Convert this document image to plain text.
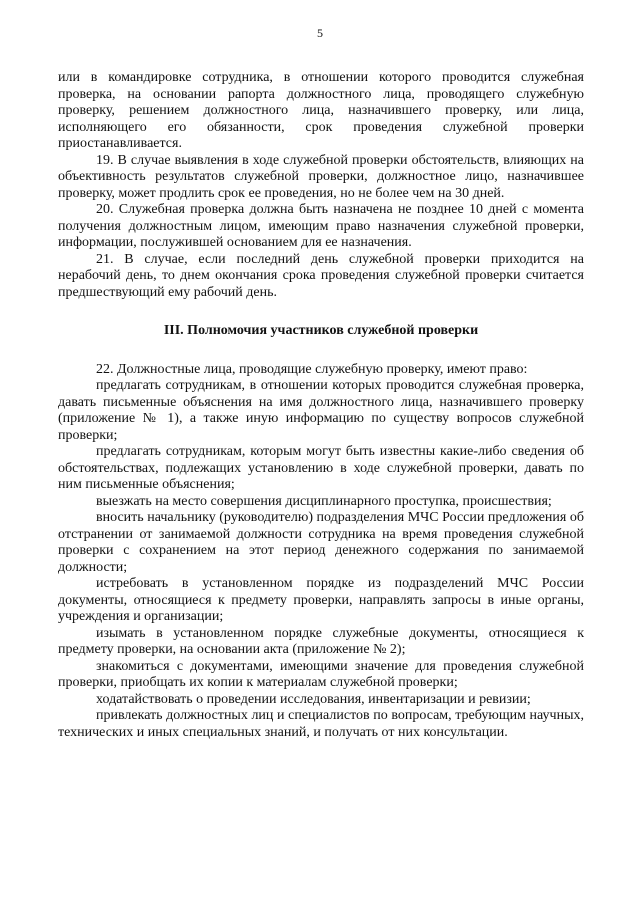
5

или в командировке сотрудника, в отношении которого проводится служебная проверка, на основании рапорта должностного лица, проводящего служебную проверку, решением должностного лица, назначившего проверку, или лица, исполняющего его обязанности, срок проведения служебной проверки приостанавливается.

19. В случае выявления в ходе служебной проверки обстоятельств, влияющих на объективность результатов служебной проверки, должностное лицо, назначившее проверку, может продлить срок ее проведения, но не более чем на 30 дней.

20. Служебная проверка должна быть назначена не позднее 10 дней с момента получения должностным лицом, имеющим право назначения служебной проверки, информации, послужившей основанием для ее назначения.

21. В случае, если последний день служебной проверки приходится на нерабочий день, то днем окончания срока проведения служебной проверки считается предшествующий ему рабочий день.

III. Полномочия участников служебной проверки

22. Должностные лица, проводящие служебную проверку, имеют право:

предлагать сотрудникам, в отношении которых проводится служебная проверка, давать письменные объяснения на имя должностного лица, назначившего проверку (приложение № 1), а также иную информацию по существу вопросов служебной проверки;

предлагать сотрудникам, которым могут быть известны какие-либо сведения об обстоятельствах, подлежащих установлению в ходе служебной проверки, давать по ним письменные объяснения;

выезжать на место совершения дисциплинарного проступка, происшествия;

вносить начальнику (руководителю) подразделения МЧС России предложения об отстранении от занимаемой должности сотрудника на время проведения служебной проверки с сохранением на этот период денежного содержания по занимаемой должности;

истребовать в установленном порядке из подразделений МЧС России документы, относящиеся к предмету проверки, направлять запросы в иные органы, учреждения и организации;

изымать в установленном порядке служебные документы, относящиеся к предмету проверки, на основании акта (приложение № 2);

знакомиться с документами, имеющими значение для проведения служебной проверки, приобщать их копии к материалам служебной проверки;

ходатайствовать о проведении исследования, инвентаризации и ревизии;

привлекать должностных лиц и специалистов по вопросам, требующим научных, технических и иных специальных знаний, и получать от них консультации.
